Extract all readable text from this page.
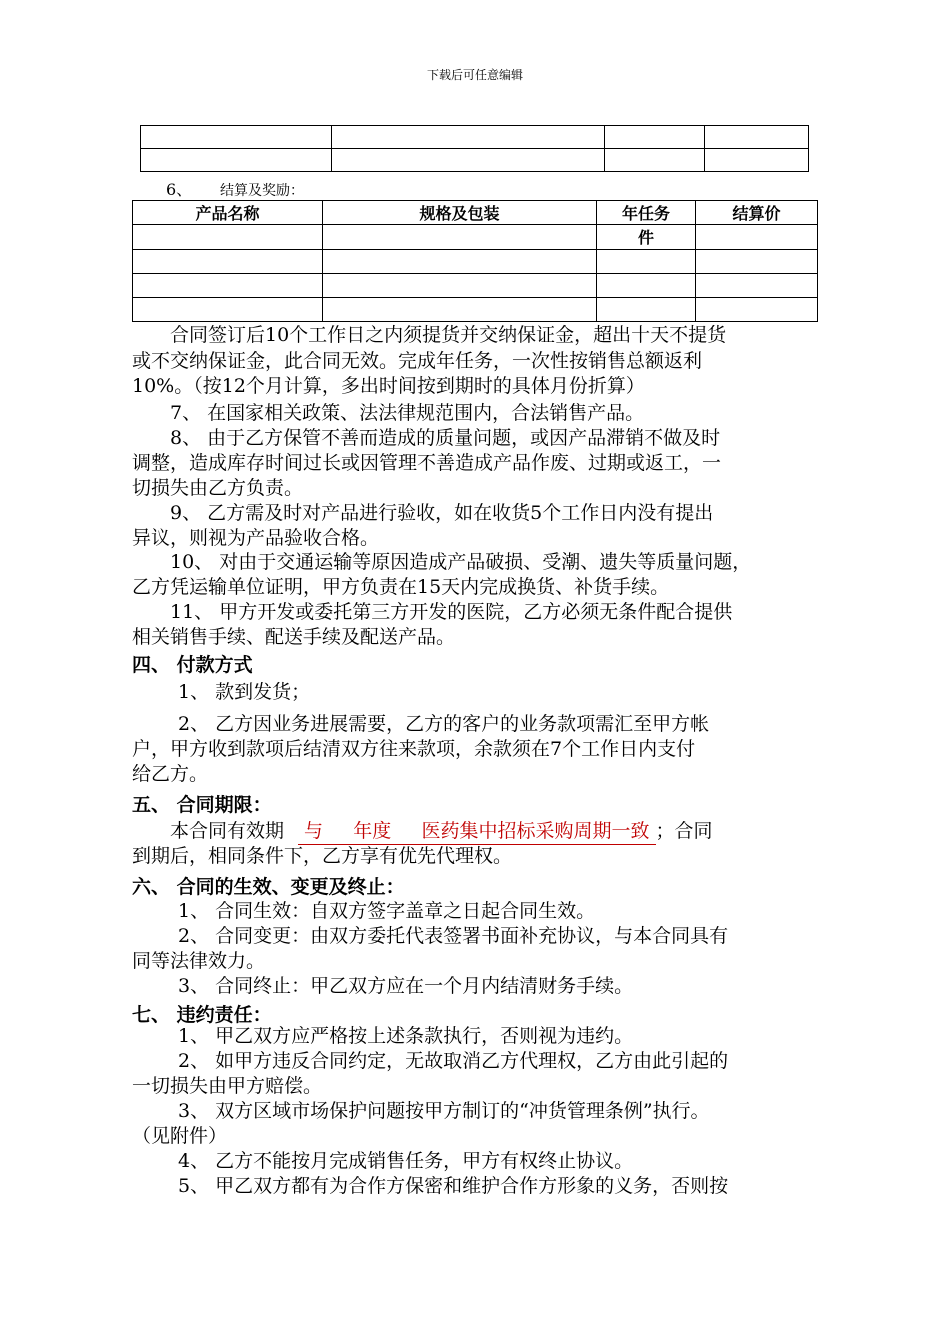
下载后可任意编辑

6、 结算及奖励：
产品名称	规格及包装	年任务	结算价
		件	

合同签订后10个工作日之内须提货并交纳保证金，超出十天不提货
或不交纳保证金，此合同无效。完成年任务，一次性按销售总额返利
10%。（按12个月计算，多出时间按到期时的具体月份折算）
7、 在国家相关政策、法法律规范围内，合法销售产品。
8、 由于乙方保管不善而造成的质量问题，或因产品滞销不做及时
调整，造成库存时间过长或因管理不善造成产品作废、过期或返工，一
切损失由乙方负责。
9、 乙方需及时对产品进行验收，如在收货5个工作日内没有提出
异议，则视为产品验收合格。
10、 对由于交通运输等原因造成产品破损、受潮、遗失等质量问题，
乙方凭运输单位证明，甲方负责在15天内完成换货、补货手续。
11、 甲方开发或委托第三方开发的医院，乙方必须无条件配合提供
相关销售手续、配送手续及配送产品。
四、 付款方式
1、 款到发货；
2、 乙方因业务进展需要，乙方的客户的业务款项需汇至甲方帐
户，甲方收到款项后结清双方往来款项，余款须在7个工作日内支付
给乙方。
五、 合同期限：
本合同有效期 与     年度     医药集中招标采购周期一致 ；合同
到期后，相同条件下，乙方享有优先代理权。
六、 合同的生效、变更及终止：
1、 合同生效：自双方签字盖章之日起合同生效。
2、 合同变更：由双方委托代表签署书面补充协议，与本合同具有
同等法律效力。
3、 合同终止：甲乙双方应在一个月内结清财务手续。
七、 违约责任：
1、 甲乙双方应严格按上述条款执行，否则视为违约。
2、 如甲方违反合同约定，无故取消乙方代理权，乙方由此引起的
一切损失由甲方赔偿。
3、 双方区域市场保护问题按甲方制订的“冲货管理条例”执行。
（见附件）
4、 乙方不能按月完成销售任务，甲方有权终止协议。
5、 甲乙双方都有为合作方保密和维护合作方形象的义务，否则按
